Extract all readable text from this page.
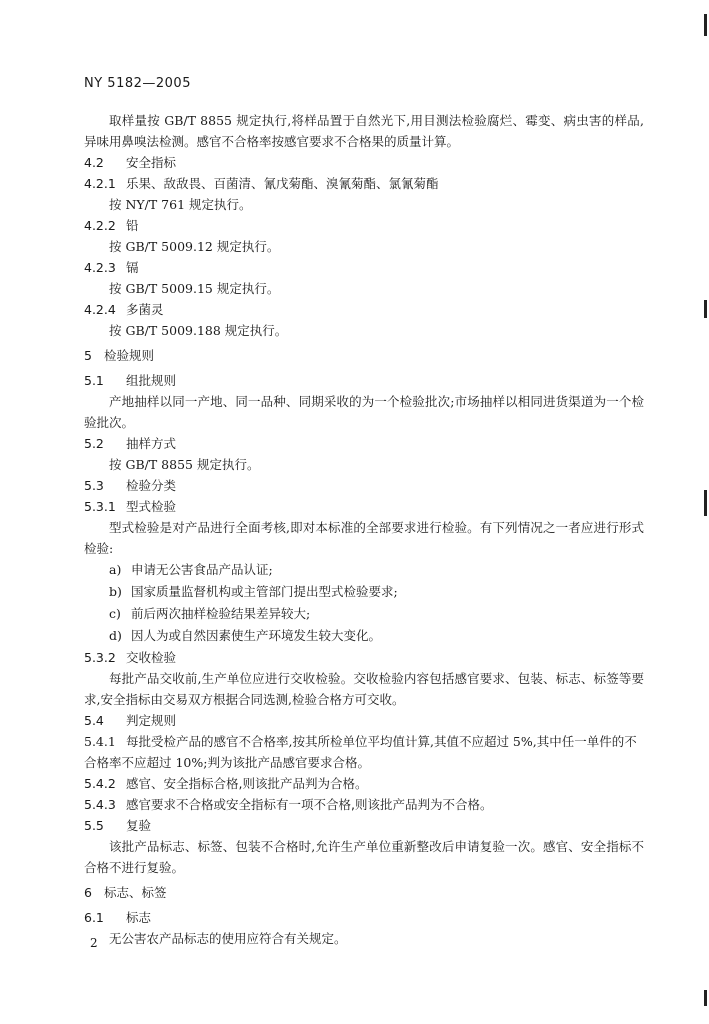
NY 5182—2005

取样量按 GB/T 8855 规定执行,将样品置于自然光下,用目测法检验腐烂、霉变、病虫害的样品,异味用鼻嗅法检测。感官不合格率按感官要求不合格果的质量计算。

4.2 安全指标

4.2.1 乐果、敌敌畏、百菌清、氰戊菊酯、溴氰菊酯、氯氰菊酯

按 NY/T 761 规定执行。

4.2.2 铅

按 GB/T 5009.12 规定执行。

4.2.3 镉

按 GB/T 5009.15 规定执行。

4.2.4 多菌灵

按 GB/T 5009.188 规定执行。

5 检验规则

5.1 组批规则

产地抽样以同一产地、同一品种、同期采收的为一个检验批次;市场抽样以相同进货渠道为一个检验批次。

5.2 抽样方式

按 GB/T 8855 规定执行。

5.3 检验分类

5.3.1 型式检验

型式检验是对产品进行全面考核,即对本标准的全部要求进行检验。有下列情况之一者应进行形式检验:

a) 申请无公害食品产品认证;

b) 国家质量监督机构或主管部门提出型式检验要求;

c) 前后两次抽样检验结果差异较大;

d) 因人为或自然因素使生产环境发生较大变化。

5.3.2 交收检验

每批产品交收前,生产单位应进行交收检验。交收检验内容包括感官要求、包装、标志、标签等要求,安全指标由交易双方根据合同选测,检验合格方可交收。

5.4 判定规则

5.4.1 每批受检产品的感官不合格率,按其所检单位平均值计算,其值不应超过 5%,其中任一单件的不合格率不应超过 10%;判为该批产品感官要求合格。

5.4.2 感官、安全指标合格,则该批产品判为合格。

5.4.3 感官要求不合格或安全指标有一项不合格,则该批产品判为不合格。

5.5 复验

该批产品标志、标签、包装不合格时,允许生产单位重新整改后申请复验一次。感官、安全指标不合格不进行复验。

6 标志、标签

6.1 标志

无公害农产品标志的使用应符合有关规定。

2
